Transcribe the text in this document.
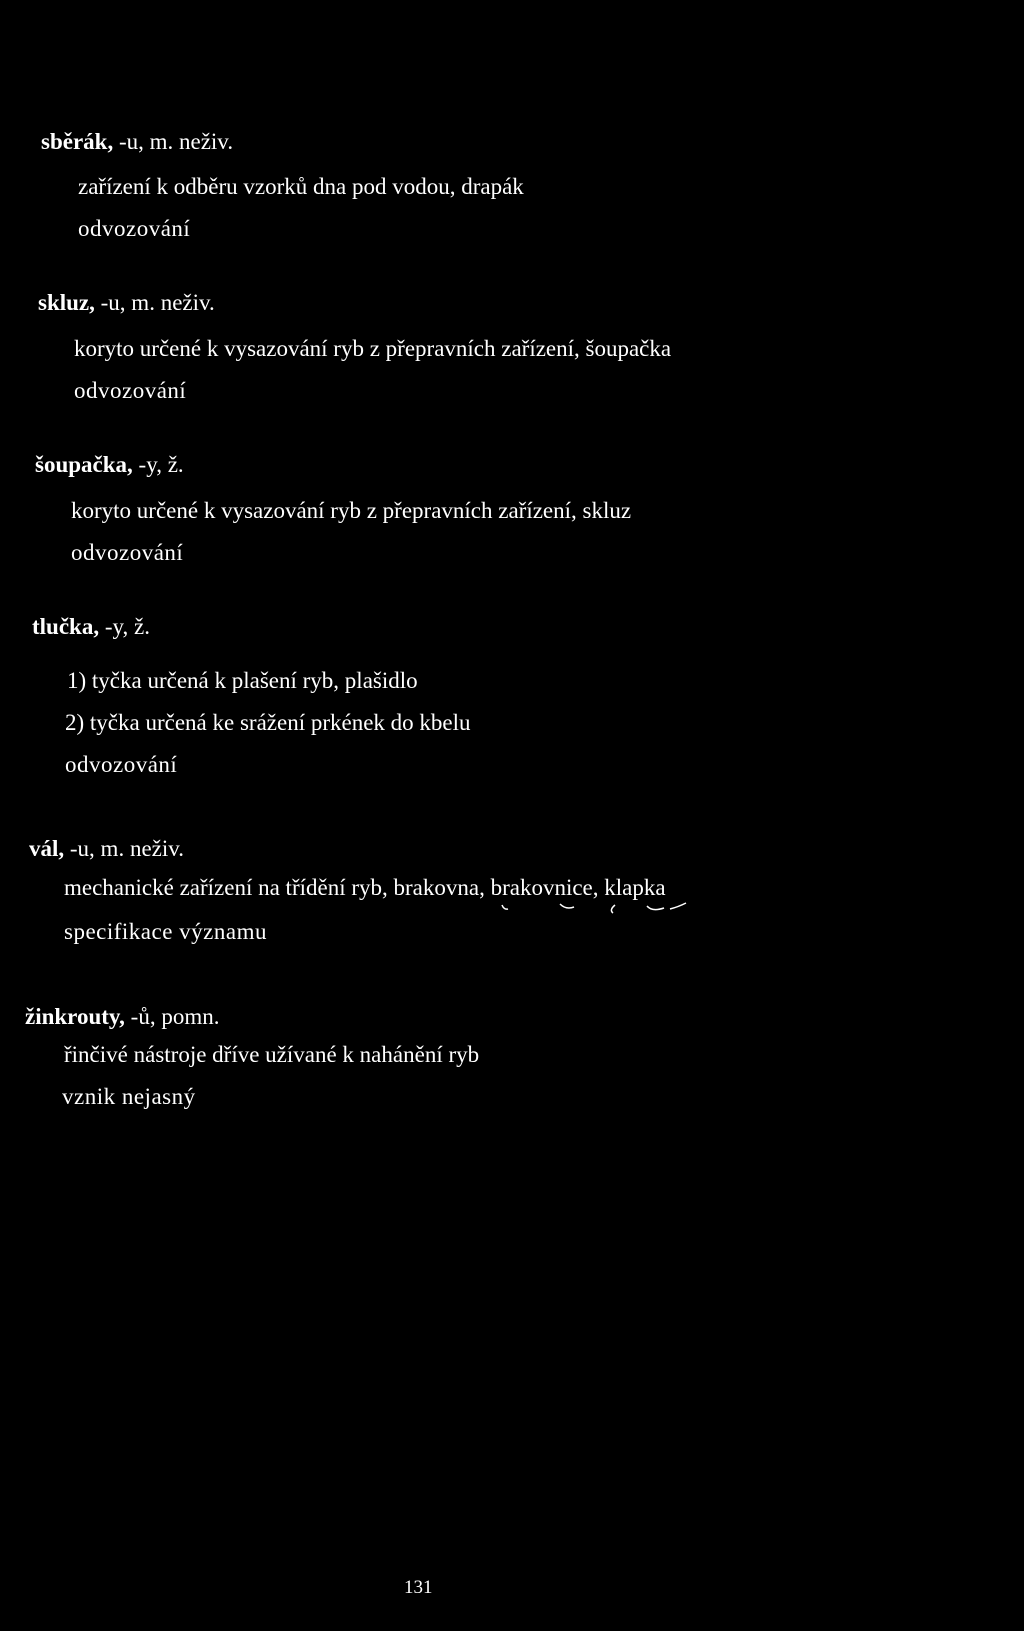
sběrák, -u, m. neživ.
zařízení k odběru vzorků dna pod vodou, drapák
odvozování
skluz, -u, m. neživ.
koryto určené k vysazování ryb z přepravních zařízení, šoupačka
odvozování
šoupačka, -y, ž.
koryto určené k vysazování ryb z přepravních zařízení, skluz
odvozování
tlučka, -y, ž.
1) tyčka určená k plašení ryb, plašidlo
2) tyčka určená ke srážení prkének do kbelu
odvozování
vál, -u, m. neživ.
mechanické zařízení na třídění ryb, brakovna, brakovnice, klapka
specifikace významu
žinkrouty, -ů, pomn.
řinčivé nástroje dříve užívané k nahánění ryb
vznik nejasný
131
